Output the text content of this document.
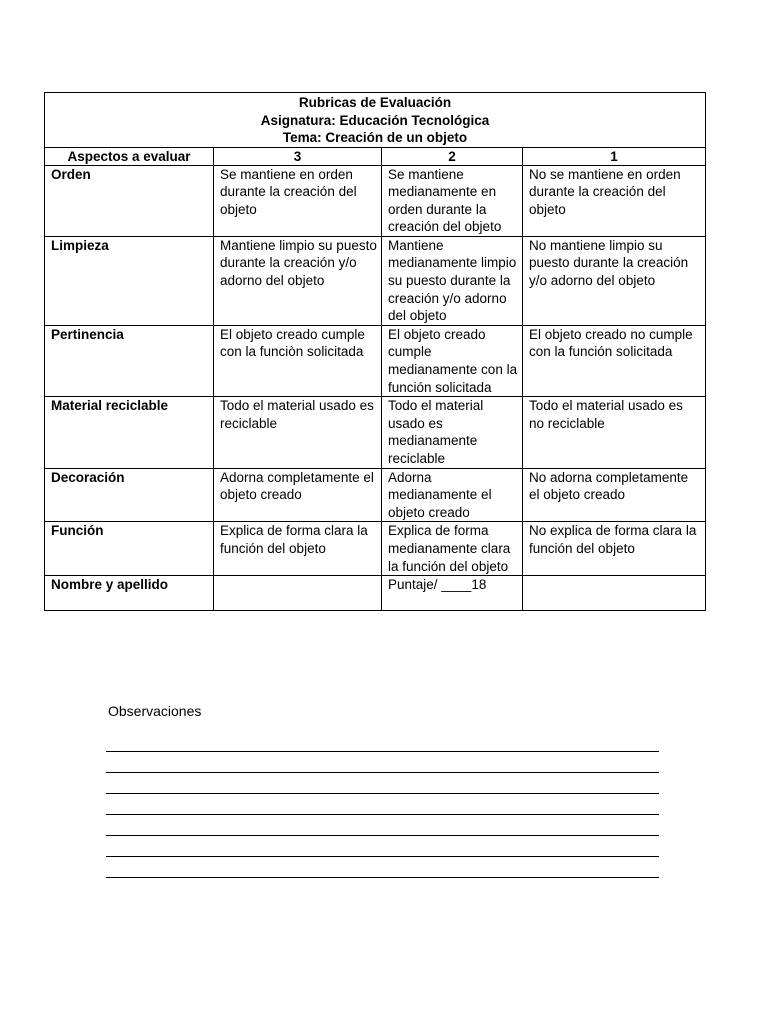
Rubricas de Evaluación
Asignatura: Educación Tecnológica
Tema: Creación de un objeto			

Aspectos a evaluar	3	2	1
Orden	Se mantiene en orden durante la creación del objeto	Se mantiene medianamente en orden durante la creación del objeto	No se mantiene en orden durante la creación del objeto
Limpieza	Mantiene limpio su puesto durante la creación y/o adorno del objeto	Mantiene medianamente limpio su puesto durante la creación y/o adorno del objeto	No mantiene limpio su puesto durante la creación y/o adorno del objeto
Pertinencia	El objeto creado cumple con la funciòn solicitada	El objeto creado cumple medianamente con la función solicitada	El objeto creado no cumple con la función solicitada
Material reciclable	Todo el material usado es reciclable	Todo el material usado es medianamente reciclable	Todo el material usado es no reciclable
Decoración	Adorna completamente el objeto creado	Adorna medianamente el objeto creado	No adorna completamente el objeto creado
Función	Explica de forma clara la función del objeto	Explica de forma medianamente clara la función del objeto	No explica de forma clara la función del objeto
Nombre y apellido		Puntaje/ ____18	
Observaciones
